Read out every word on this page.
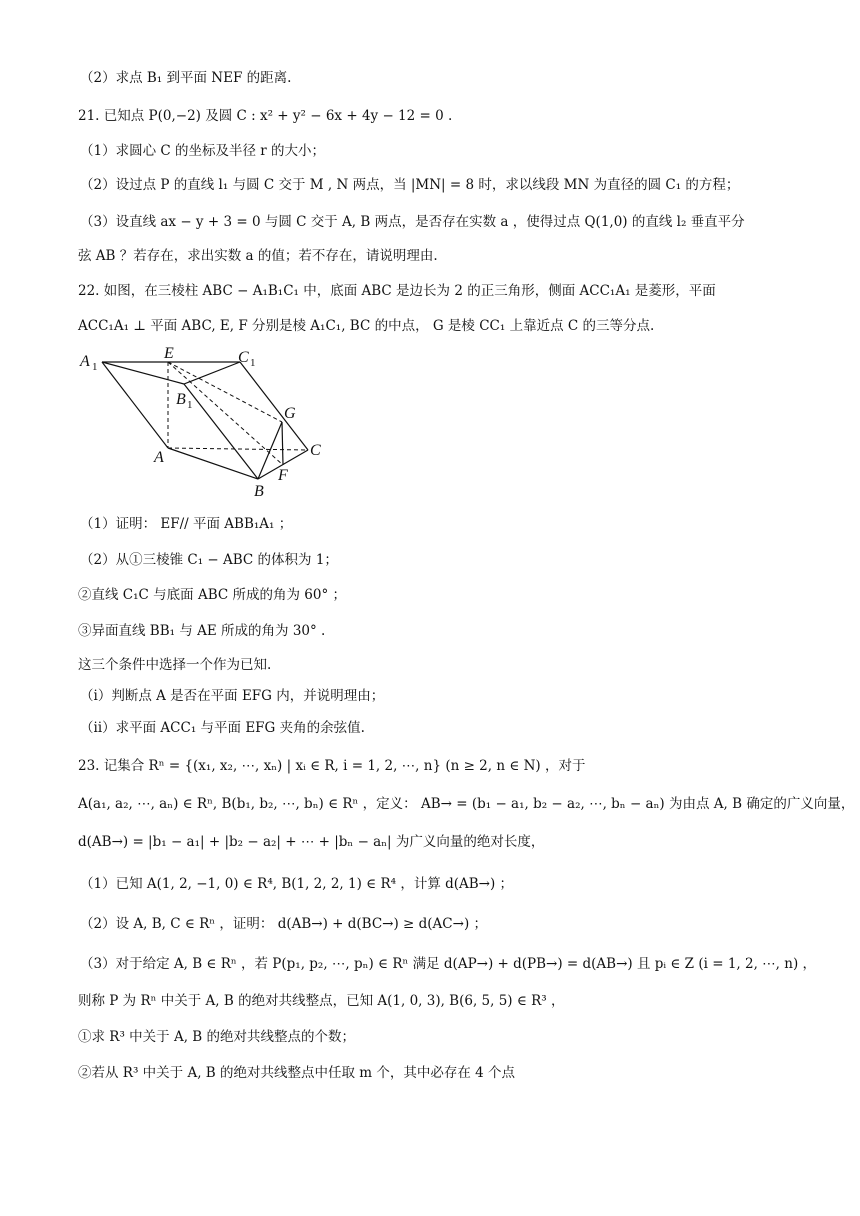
（2）求点 B₁ 到平面 NEF 的距离.
21. 已知点 P(0,−2) 及圆 C : x² + y² − 6x + 4y − 12 = 0 .
（1）求圆心 C 的坐标及半径 r 的大小；
（2）设过点 P 的直线 l₁ 与圆 C 交于 M , N 两点，当 |MN| = 8 时，求以线段 MN 为直径的圆 C₁ 的方程；
（3）设直线 ax − y + 3 = 0 与圆 C 交于 A, B 两点，是否存在实数 a ，使得过点 Q(1,0) 的直线 l₂ 垂直平分
弦 AB ？若存在，求出实数 a 的值；若不存在，请说明理由.
22. 如图，在三棱柱 ABC − A₁B₁C₁ 中，底面 ABC 是边长为 2 的正三角形，侧面 ACC₁A₁ 是菱形，平面
ACC₁A₁ ⊥ 平面 ABC, E, F 分别是棱 A₁C₁, BC 的中点， G 是棱 CC₁ 上靠近点 C 的三等分点.
A 1
E	C 1
B 1	G
C
A
F
B
（1）证明： EF// 平面 ABB₁A₁ ；
（2）从①三棱锥 C₁ − ABC 的体积为 1；
②直线 C₁C 与底面 ABC 所成的角为 60° ；
③异面直线 BB₁ 与 AE 所成的角为 30° .
这三个条件中选择一个作为已知.
（ⅰ）判断点 A 是否在平面 EFG 内，并说明理由；
（ⅱ）求平面 ACC₁ 与平面 EFG 夹角的余弦值.
23. 记集合 Rⁿ = {(x₁, x₂, ⋯, xₙ) | xᵢ ∈ R, i = 1, 2, ⋯, n} (n ≥ 2, n ∈ N) ，对于
A(a₁, a₂, ⋯, aₙ) ∈ Rⁿ, B(b₁, b₂, ⋯, bₙ) ∈ Rⁿ ，定义： AB→ = (b₁ − a₁, b₂ − a₂, ⋯, bₙ − aₙ) 为由点 A, B 确定的广义向量，
d(AB→) = |b₁ − a₁| + |b₂ − a₂| + ⋯ + |bₙ − aₙ| 为广义向量的绝对长度，
（1）已知 A(1, 2, −1, 0) ∈ R⁴, B(1, 2, 2, 1) ∈ R⁴ ，计算 d(AB→) ；
（2）设 A, B, C ∈ Rⁿ ，证明： d(AB→) + d(BC→) ≥ d(AC→) ；
（3）对于给定 A, B ∈ Rⁿ ，若 P(p₁, p₂, ⋯, pₙ) ∈ Rⁿ 满足 d(AP→) + d(PB→) = d(AB→) 且 pᵢ ∈ Z (i = 1, 2, ⋯, n) ，
则称 P 为 Rⁿ 中关于 A, B 的绝对共线整点，已知 A(1, 0, 3), B(6, 5, 5) ∈ R³ ，
①求 R³ 中关于 A, B 的绝对共线整点的个数；
②若从 R³ 中关于 A, B 的绝对共线整点中任取 m 个，其中必存在 4 个点
